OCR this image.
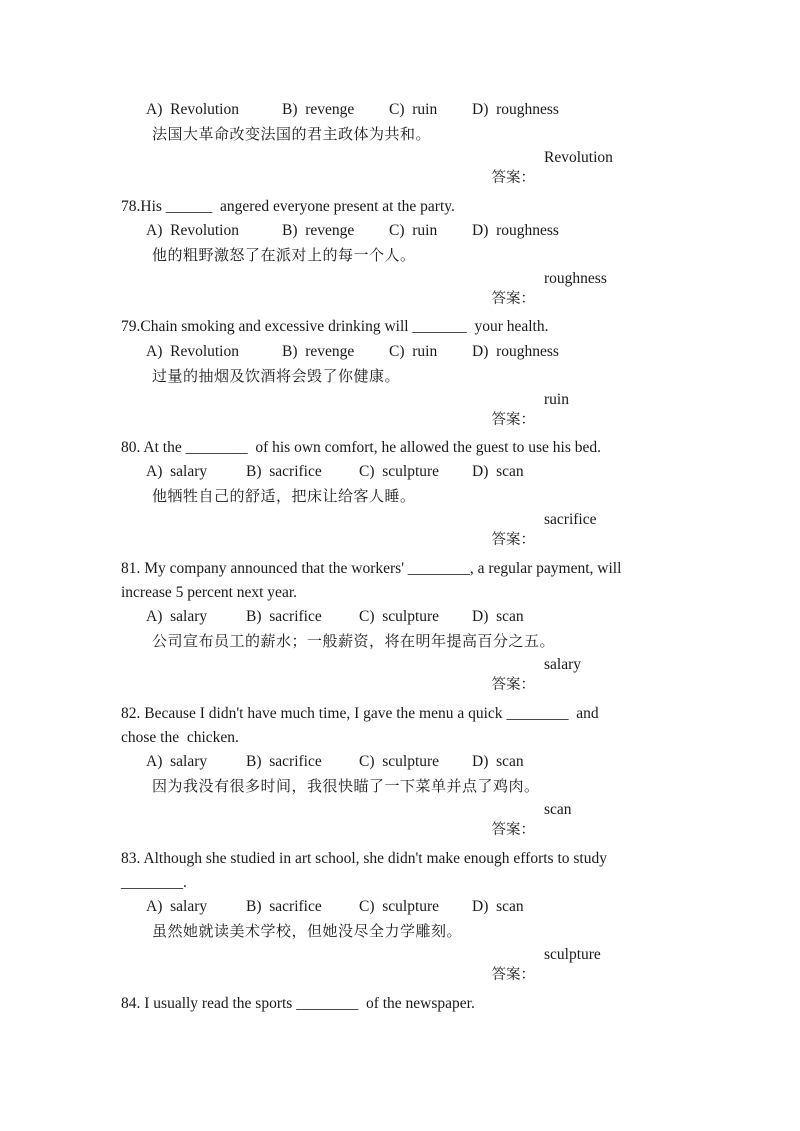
A)  Revolution	B)  revenge C)  ruin D)  roughness
法国大革命改变法国的君主政体为共和。

答案：

Revolution

78.His ______  angered everyone present at the party.
A)  Revolution	B)  revenge C)  ruin D)  roughness
他的粗野激怒了在派对上的每一个人。

答案：

roughness

79.Chain smoking and excessive drinking will _______  your health.
A)  Revolution	B)  revenge C)  ruin D)  roughness
过量的抽烟及饮酒将会毁了你健康。

答案：

ruin

80. At the ________  of his own comfort, he allowed the guest to use his bed.
A)  salary	B)  sacrifice C)  sculpture D)  scan
他牺牲自己的舒适，把床让给客人睡。

答案：

sacrifice

81. My company announced that the workers' ________, a regular payment, will
increase 5 percent next year.
A)  salary	B)  sacrifice C)  sculpture D)  scan
公司宣布员工的薪水；一般薪资，将在明年提高百分之五。

答案：

salary

82. Because I didn't have much time, I gave the menu a quick ________  and
chose the  chicken.
A)  salary	B)  sacrifice C)  sculpture D)  scan
因为我没有很多时间，我很快瞄了一下菜单并点了鸡肉。

答案：

scan

83. Although she studied in art school, she didn't make enough efforts to study
________.
A)  salary	B)  sacrifice C)  sculpture D)  scan
虽然她就读美术学校，但她没尽全力学雕刻。

答案：

sculpture

84. I usually read the sports ________  of the newspaper.
